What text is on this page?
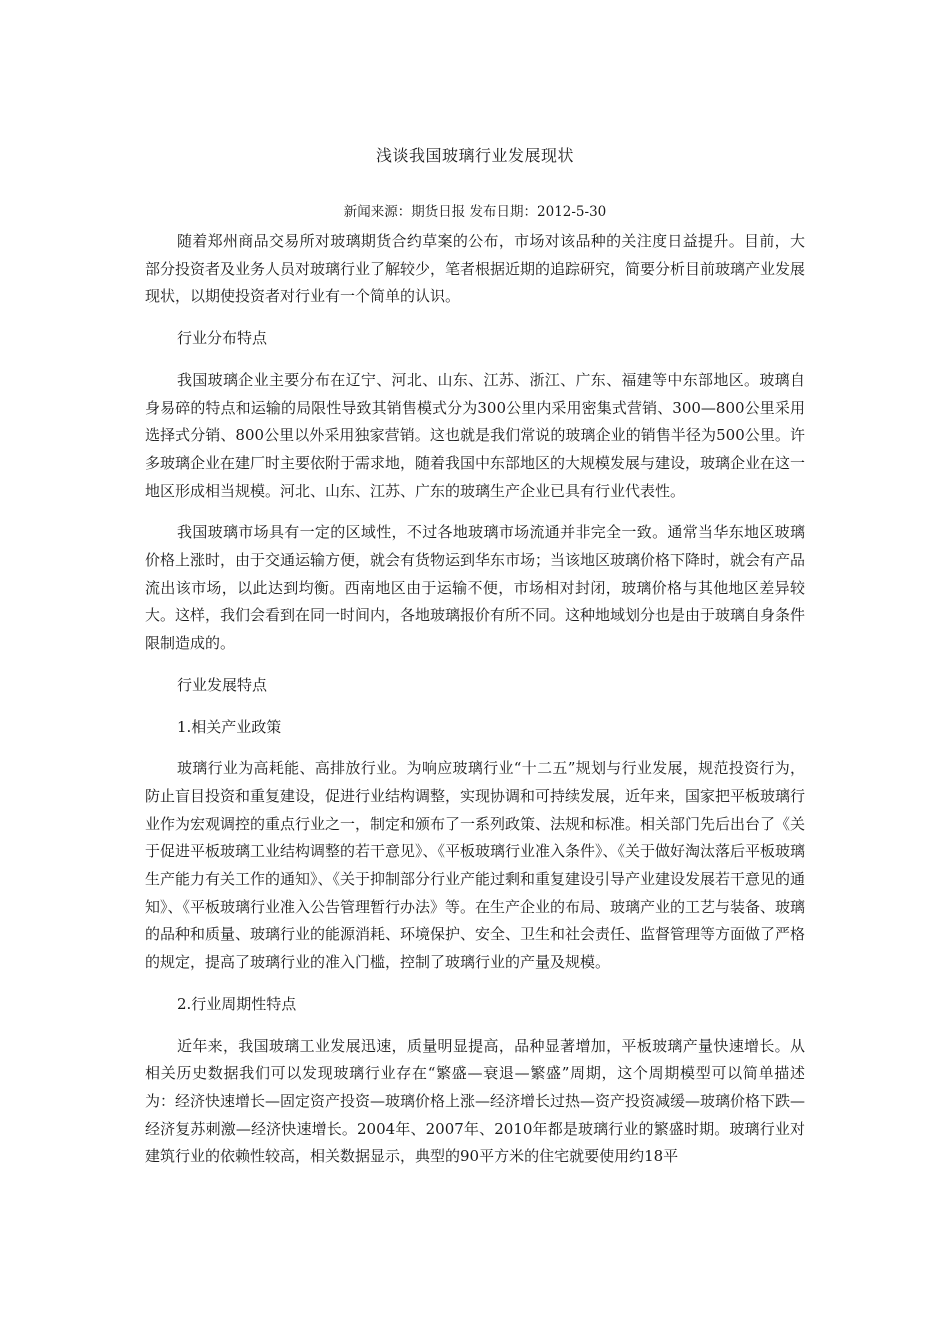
浅谈我国玻璃行业发展现状
新闻来源：期货日报 发布日期：2012-5-30

随着郑州商品交易所对玻璃期货合约草案的公布，市场对该品种的关注度日益提升。目前，大部分投资者及业务人员对玻璃行业了解较少，笔者根据近期的追踪研究，简要分析目前玻璃产业发展现状，以期使投资者对行业有一个简单的认识。

行业分布特点

我国玻璃企业主要分布在辽宁、河北、山东、江苏、浙江、广东、福建等中东部地区。玻璃自身易碎的特点和运输的局限性导致其销售模式分为300公里内采用密集式营销、300—800公里采用选择式分销、800公里以外采用独家营销。这也就是我们常说的玻璃企业的销售半径为500公里。许多玻璃企业在建厂时主要依附于需求地，随着我国中东部地区的大规模发展与建设，玻璃企业在这一地区形成相当规模。河北、山东、江苏、广东的玻璃生产企业已具有行业代表性。

我国玻璃市场具有一定的区域性，不过各地玻璃市场流通并非完全一致。通常当华东地区玻璃价格上涨时，由于交通运输方便，就会有货物运到华东市场；当该地区玻璃价格下降时，就会有产品流出该市场，以此达到均衡。西南地区由于运输不便，市场相对封闭，玻璃价格与其他地区差异较大。这样，我们会看到在同一时间内，各地玻璃报价有所不同。这种地域划分也是由于玻璃自身条件限制造成的。

行业发展特点

1.相关产业政策

玻璃行业为高耗能、高排放行业。为响应玻璃行业“十二五”规划与行业发展，规范投资行为，防止盲目投资和重复建设，促进行业结构调整，实现协调和可持续发展，近年来，国家把平板玻璃行业作为宏观调控的重点行业之一，制定和颁布了一系列政策、法规和标准。相关部门先后出台了《关于促进平板玻璃工业结构调整的若干意见》、《平板玻璃行业准入条件》、《关于做好淘汰落后平板玻璃生产能力有关工作的通知》、《关于抑制部分行业产能过剩和重复建设引导产业建设发展若干意见的通知》、《平板玻璃行业准入公告管理暂行办法》等。在生产企业的布局、玻璃产业的工艺与装备、玻璃的品种和质量、玻璃行业的能源消耗、环境保护、安全、卫生和社会责任、监督管理等方面做了严格的规定，提高了玻璃行业的准入门槛，控制了玻璃行业的产量及规模。

2.行业周期性特点

近年来，我国玻璃工业发展迅速，质量明显提高，品种显著增加，平板玻璃产量快速增长。从相关历史数据我们可以发现玻璃行业存在“繁盛—衰退—繁盛”周期，这个周期模型可以简单描述为：经济快速增长—固定资产投资—玻璃价格上涨—经济增长过热—资产投资减缓—玻璃价格下跌—经济复苏刺激—经济快速增长。2004年、2007年、2010年都是玻璃行业的繁盛时期。玻璃行业对建筑行业的依赖性较高，相关数据显示，典型的90平方米的住宅就要使用约18平
